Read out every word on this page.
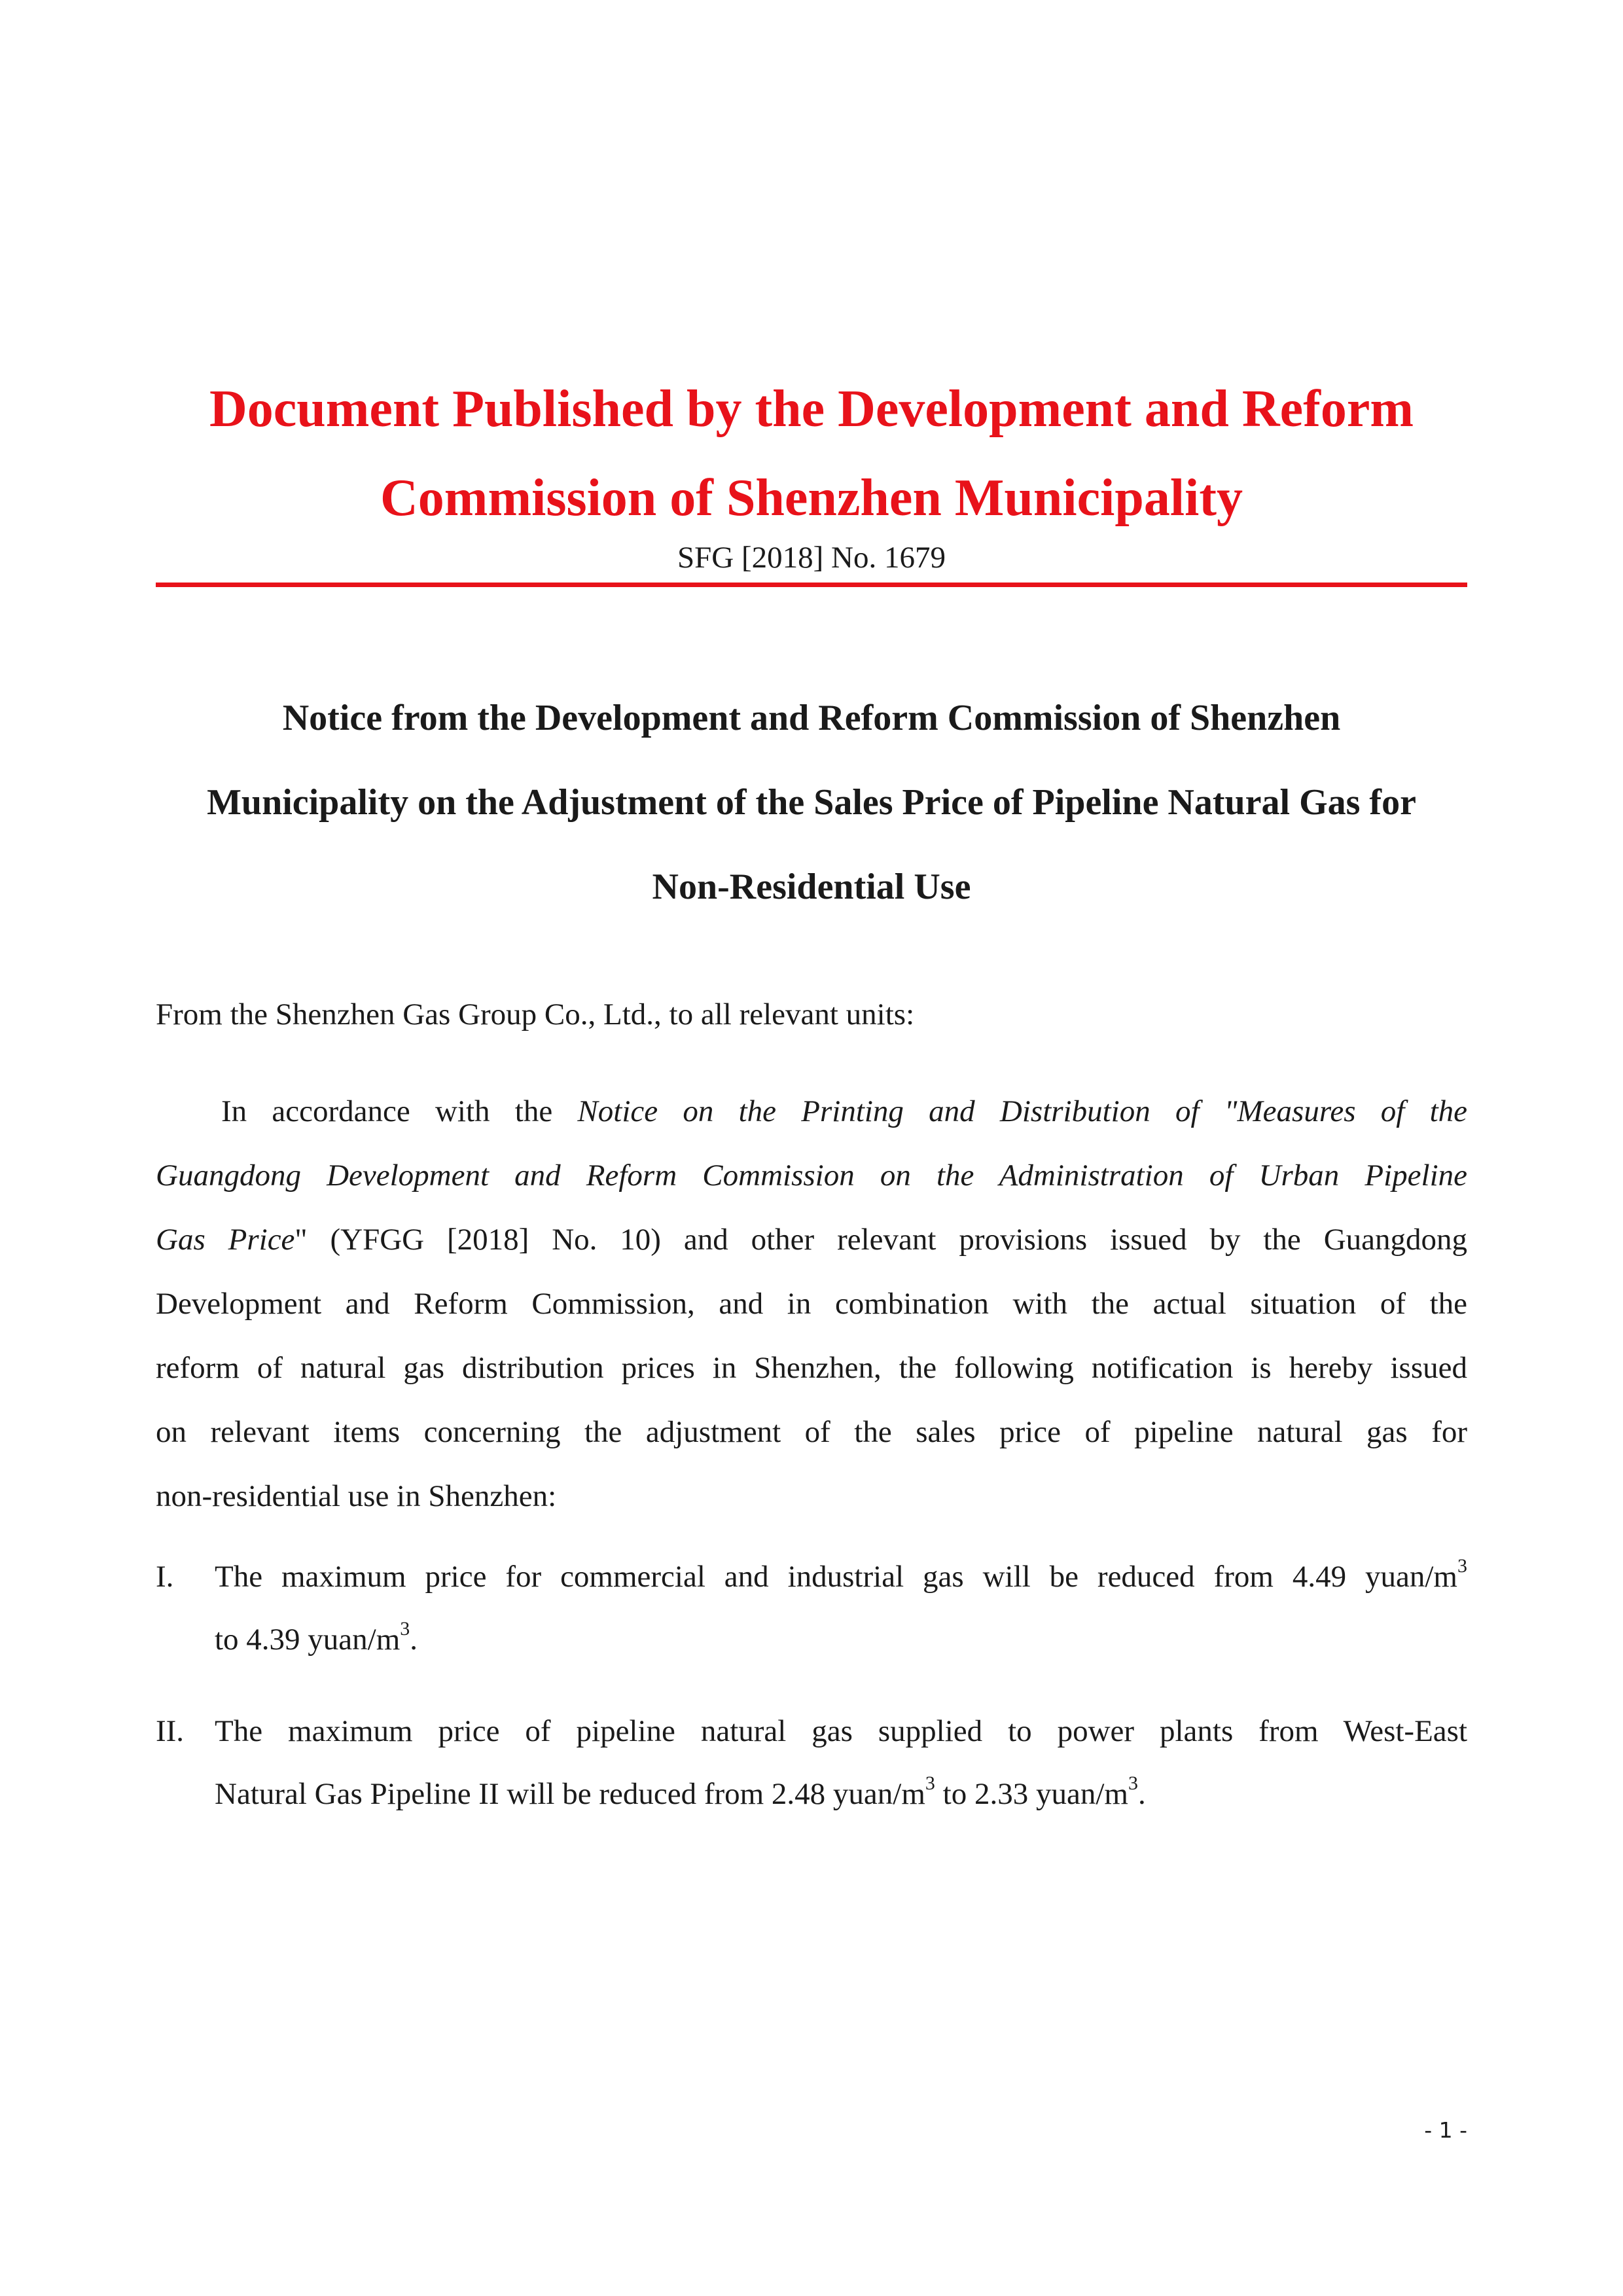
Document Published by the Development and Reform
Commission of Shenzhen Municipality
SFG [2018] No. 1679
Notice from the Development and Reform Commission of Shenzhen
Municipality on the Adjustment of the Sales Price of Pipeline Natural Gas for
Non-Residential Use
From the Shenzhen Gas Group Co., Ltd., to all relevant units:
In accordance with the Notice on the Printing and Distribution of "Measures of the
Guangdong Development and Reform Commission on the Administration of Urban Pipeline
Gas Price" (YFGG [2018] No. 10) and other relevant provisions issued by the Guangdong
Development and Reform Commission, and in combination with the actual situation of the
reform of natural gas distribution prices in Shenzhen, the following notification is hereby issued
on relevant items concerning the adjustment of the sales price of pipeline natural gas for
non-residential use in Shenzhen:
I. The maximum price for commercial and industrial gas will be reduced from 4.49 yuan/$m^3$
to 4.39 yuan/$m^3$.
II. The maximum price of pipeline natural gas supplied to power plants from West-East
Natural Gas Pipeline II will be reduced from 2.48 yuan/$m^3$ to 2.33 yuan/$m^3$.
- 1 -
